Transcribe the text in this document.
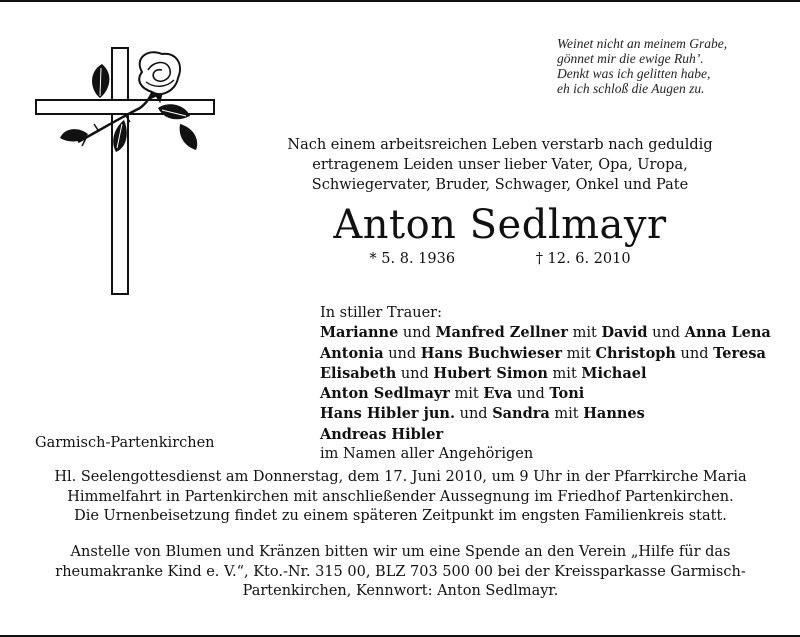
Weinet nicht an meinem Grabe,
gönnet mir die ewige Ruh’.
Denkt was ich gelitten habe,
eh ich schloß die Augen zu.
Nach einem arbeitsreichen Leben verstarb nach geduldig
ertragenem Leiden unser lieber Vater, Opa, Uropa,
Schwiegervater, Bruder, Schwager, Onkel und Pate
Anton Sedlmayr
* 5. 8. 1936	† 12. 6. 2010
In stiller Trauer:
Marianne und Manfred Zellner mit David und Anna Lena
Antonia und Hans Buchwieser mit Christoph und Teresa
Elisabeth und Hubert Simon mit Michael
Anton Sedlmayr mit Eva und Toni
Hans Hibler jun. und Sandra mit Hannes
Andreas Hibler
im Namen aller Angehörigen
Garmisch-Partenkirchen
Hl. Seelengottesdienst am Donnerstag, dem 17. Juni 2010, um 9 Uhr in der Pfarrkirche Maria
Himmelfahrt in Partenkirchen mit anschließender Aussegnung im Friedhof Partenkirchen.
Die Urnenbeisetzung findet zu einem späteren Zeitpunkt im engsten Familienkreis statt.
Anstelle von Blumen und Kränzen bitten wir um eine Spende an den Verein „Hilfe für das
rheumakranke Kind e. V.“, Kto.-Nr. 315 00, BLZ 703 500 00 bei der Kreissparkasse Garmisch-
Partenkirchen, Kennwort: Anton Sedlmayr.
